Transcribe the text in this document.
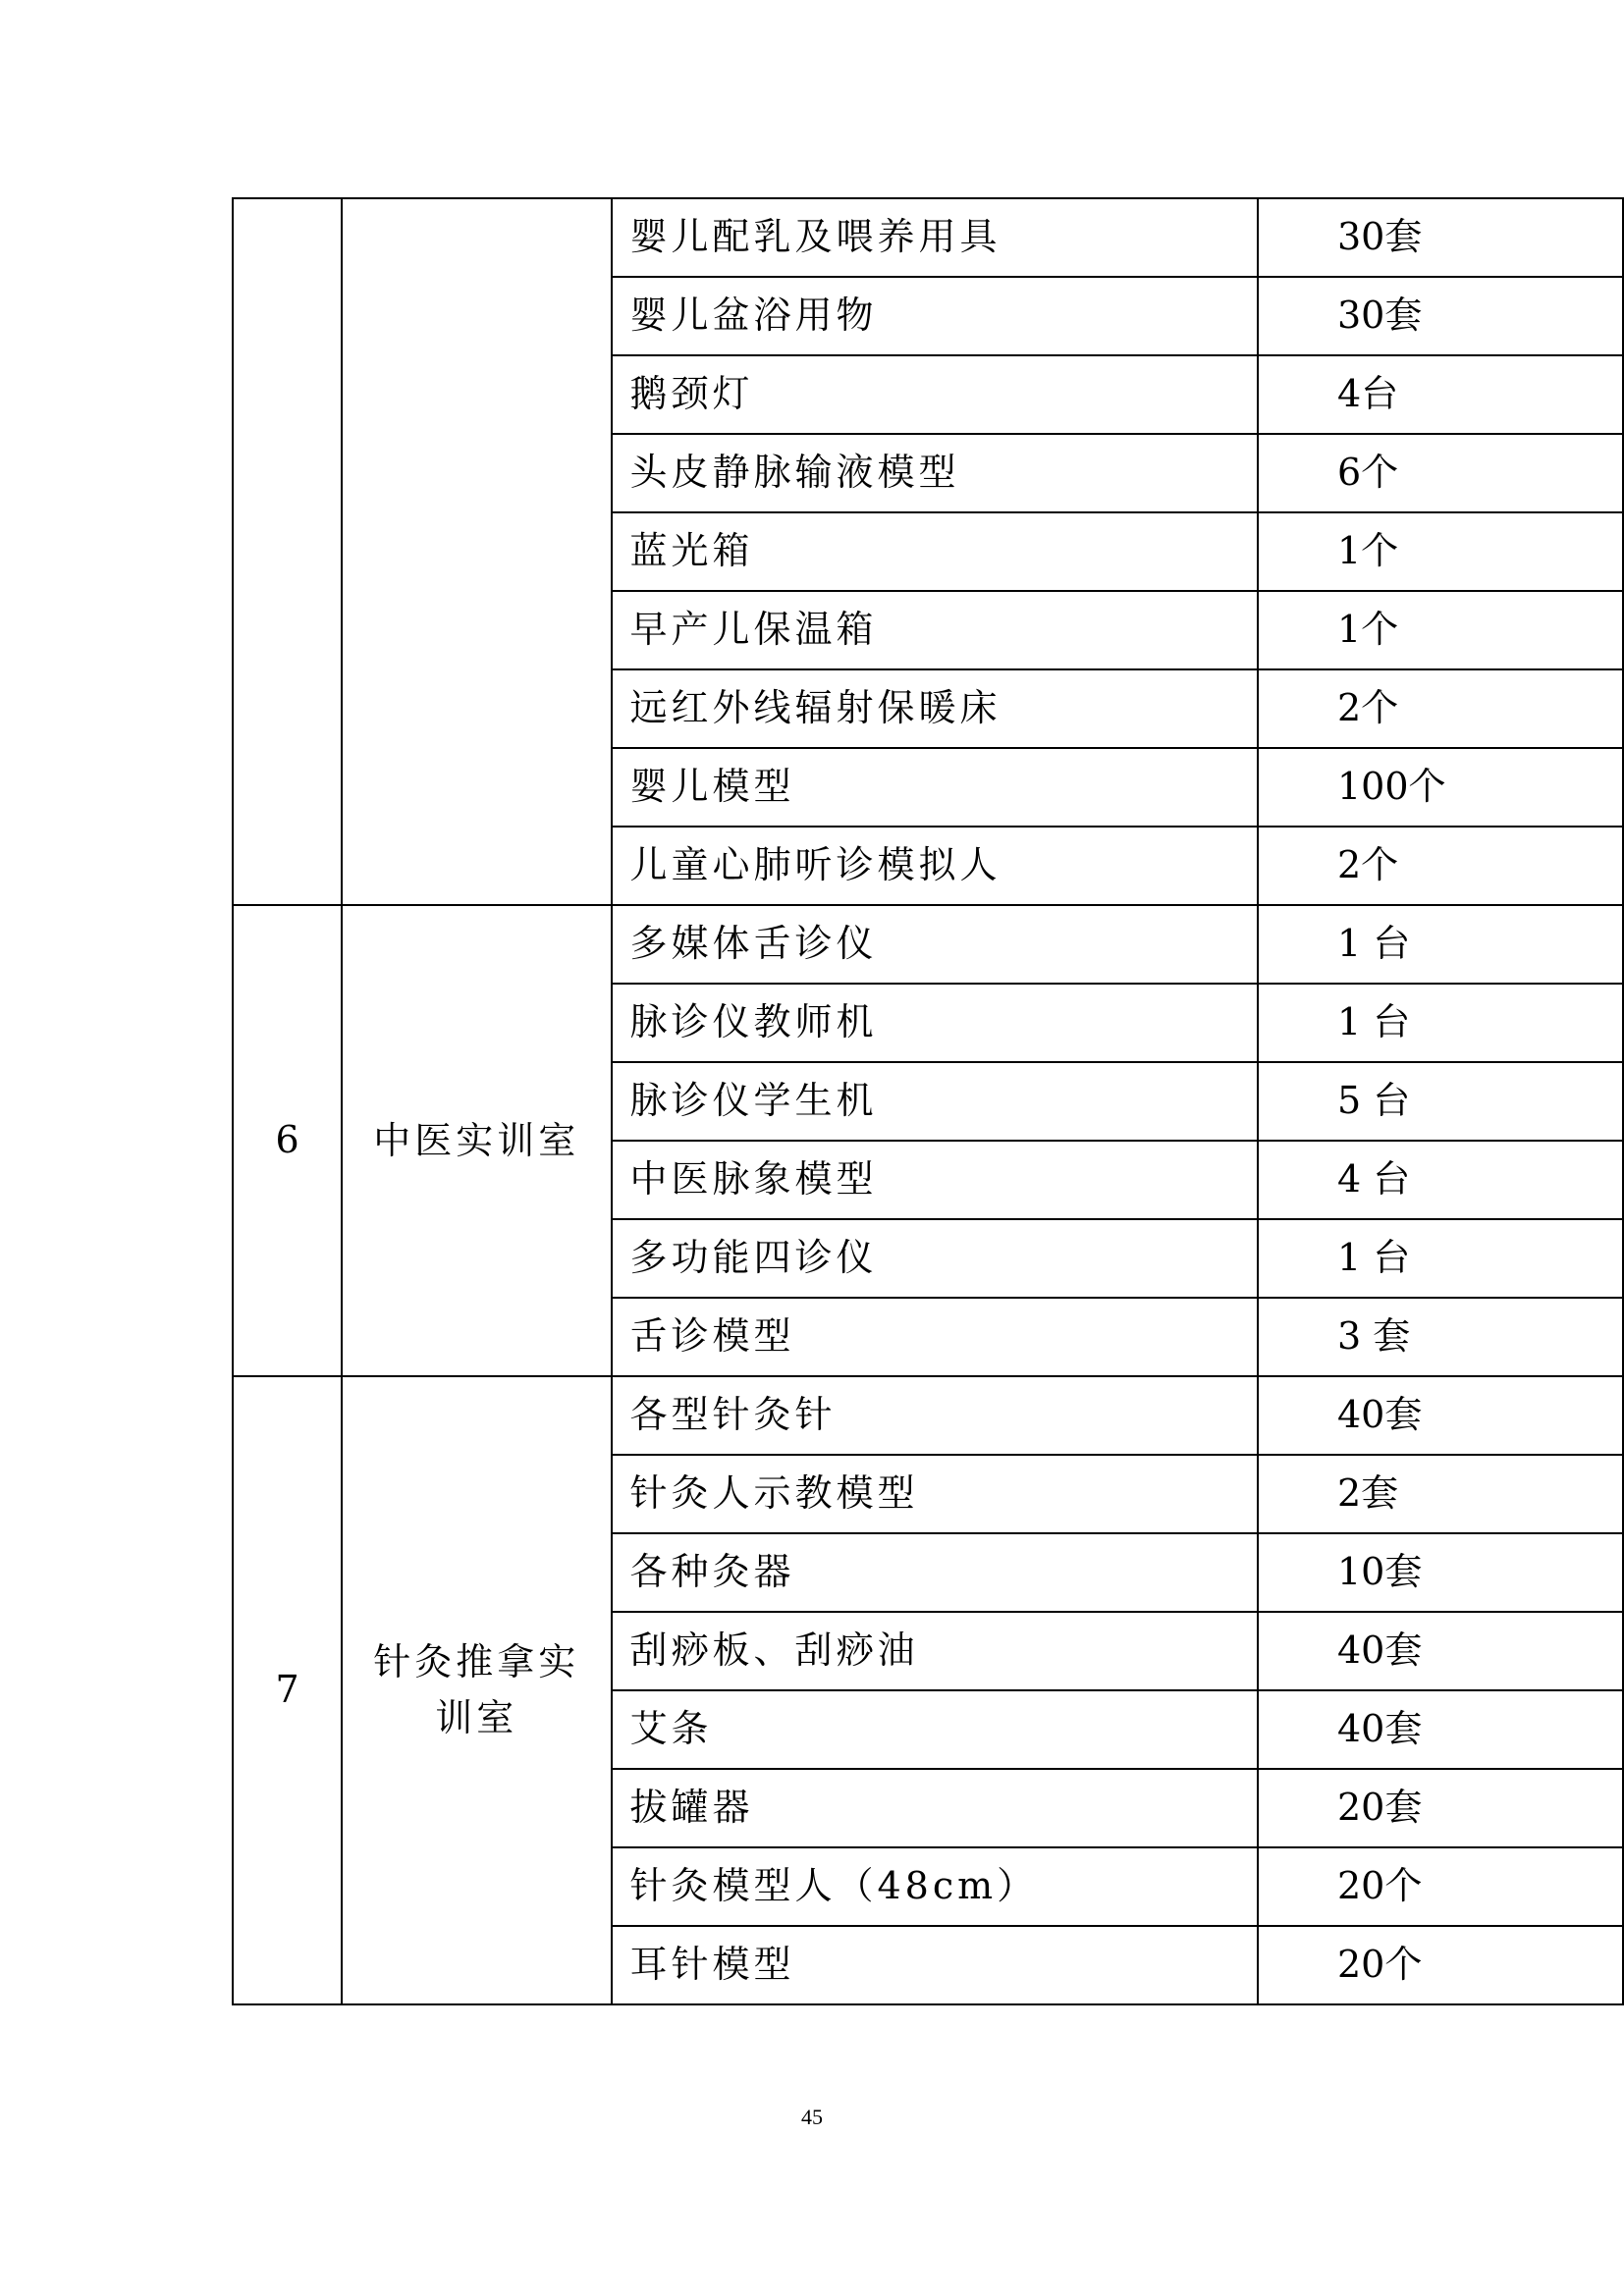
		婴儿配乳及喂养用具	30套
		婴儿盆浴用物	30套
		鹅颈灯	4台
		头皮静脉输液模型	6个
		蓝光箱	1个
		早产儿保温箱	1个
		远红外线辐射保暖床	2个
		婴儿模型	100个
		儿童心肺听诊模拟人	2个
6	中医实训室	多媒体舌诊仪	1 台
		脉诊仪教师机	1 台
		脉诊仪学生机	5 台
		中医脉象模型	4 台
		多功能四诊仪	1 台
		舌诊模型	3 套
7	针灸推拿实训室	各型针灸针	40套
		针灸人示教模型	2套
		各种灸器	10套
		刮痧板、刮痧油	40套
		艾条	40套
		拔罐器	20套
		针灸模型人（48cm）	20个
		耳针模型	20个
45
